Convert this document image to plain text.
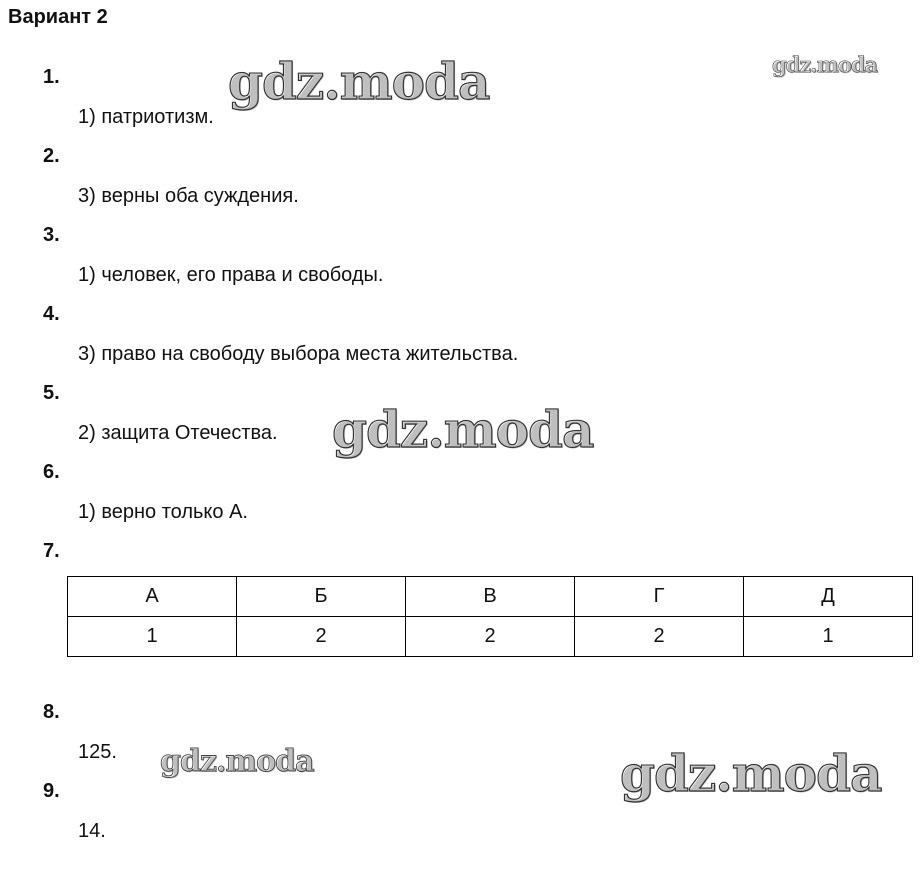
Вариант 2
1.
1) патриотизм.
2.
3) верны оба суждения.
3.
1) человек, его права и свободы.
4.
3) право на свободу выбора места жительства.
5.
2) защита Отечества.
6.
1) верно только А.
7.
А	Б	В	Г	Д
1	2	2	2	1
8.
125.
9.
14.
gdz.moda	gdz.moda
gdz.moda
gdz.moda	gdz.moda
